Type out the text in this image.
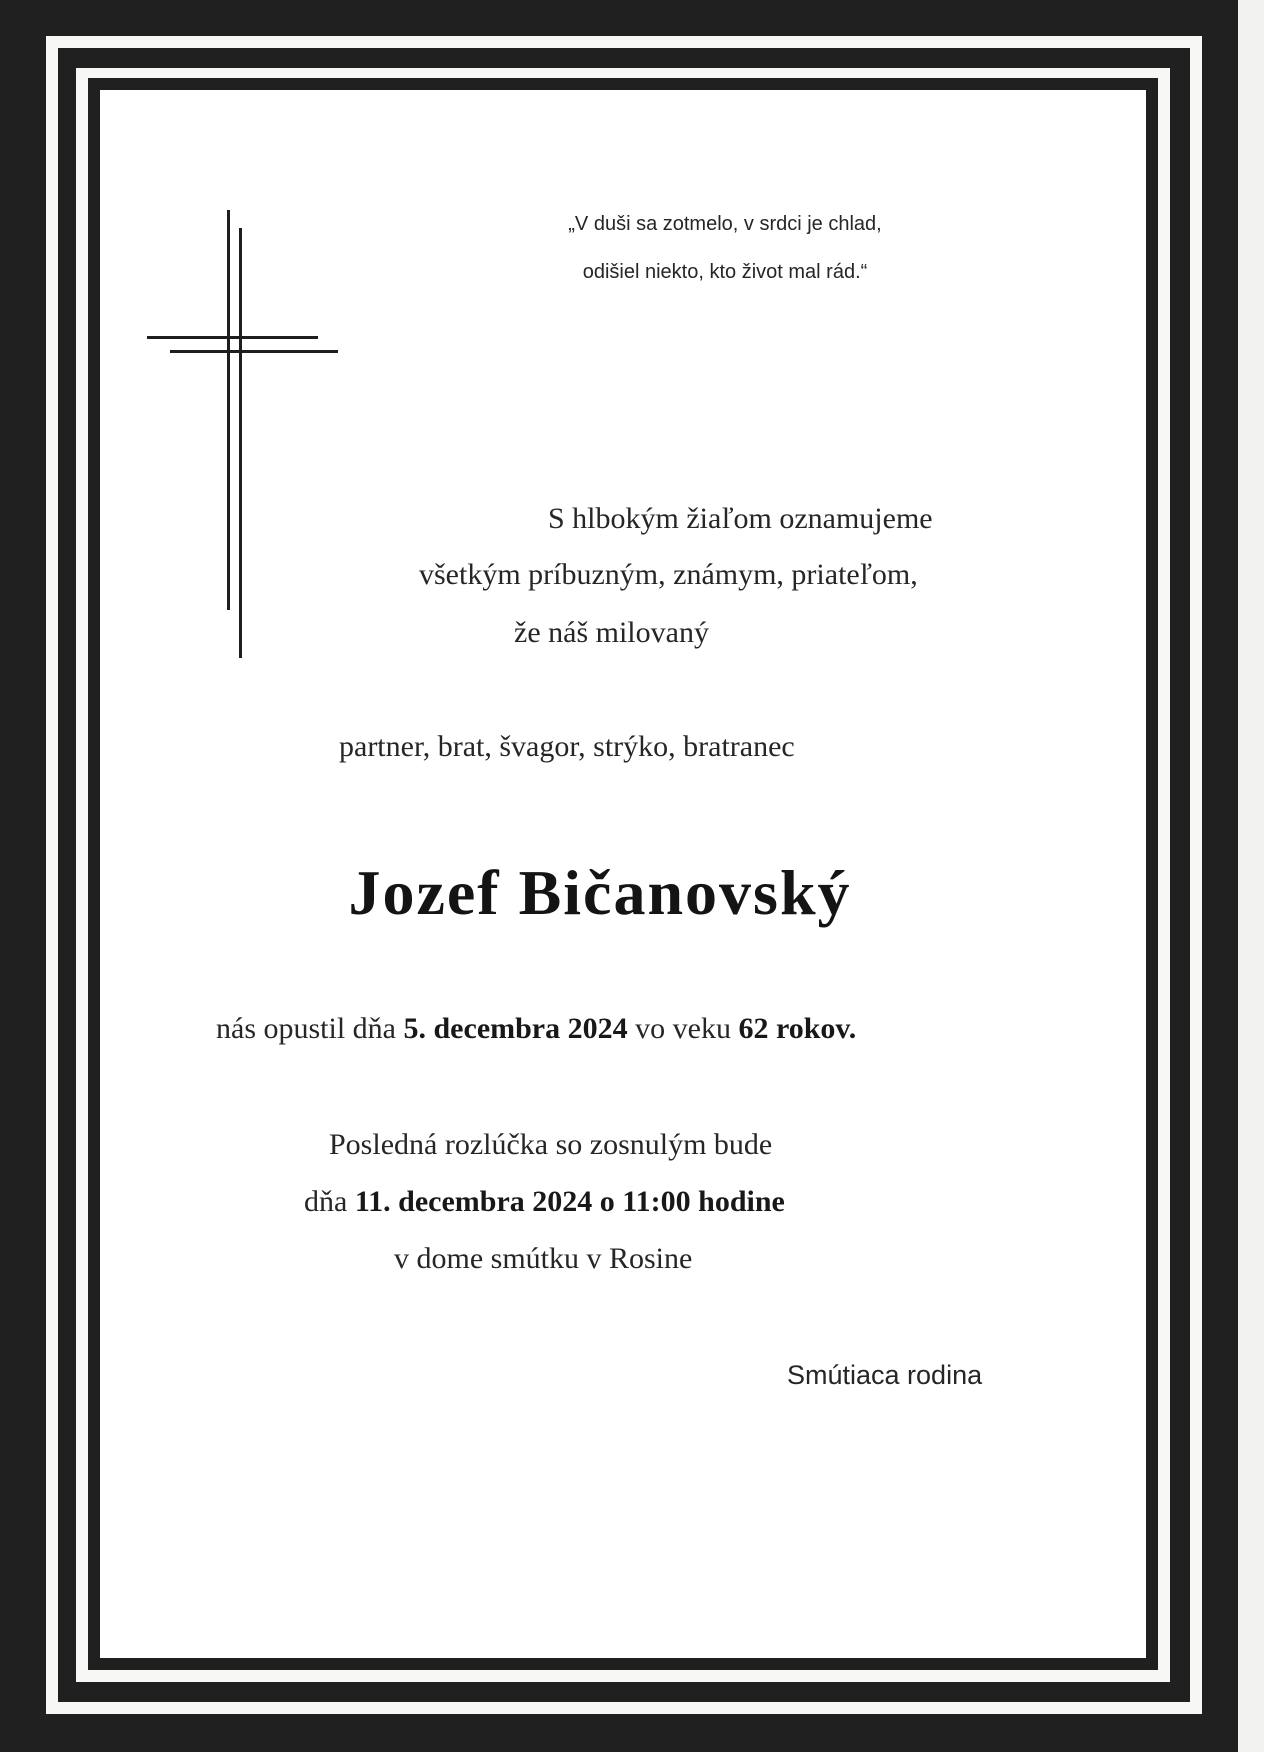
„V duši sa zotmelo, v srdci je chlad,
odišiel niekto, kto život mal rád.“
S hlbokým žiaľom oznamujeme
všetkým príbuzným, známym, priateľom,
že náš milovaný
partner, brat, švagor, strýko, bratranec
Jozef Bičanovský
nás opustil dňa 5. decembra 2024 vo veku 62 rokov.
Posledná rozlúčka so zosnulým bude
dňa 11. decembra 2024 o 11:00 hodine
v dome smútku v Rosine
Smútiaca rodina
